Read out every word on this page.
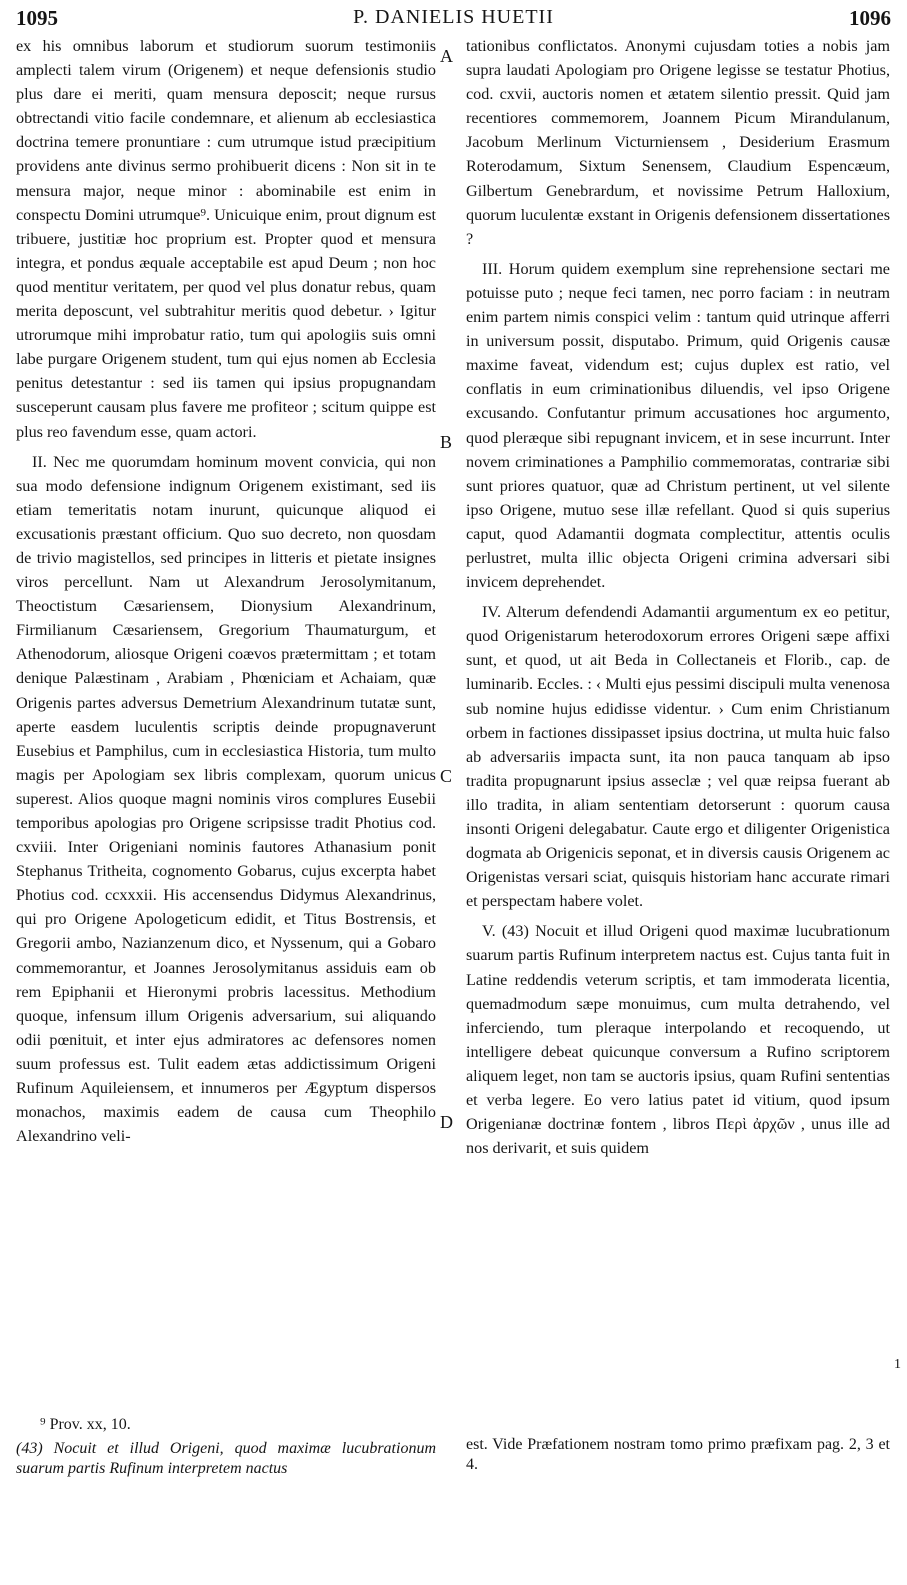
1095	P. DANIELIS HUETII	1096
A
B
C
D

ex his omnibus laborum et studiorum suorum testimoniis amplecti talem virum (Origenem) et neque defensionis studio plus dare ei meriti, quam mensura deposcit; neque rursus obtrectandi vitio facile condemnare, et alienum ab ecclesiastica doctrina temere pronuntiare : cum utrumque istud præcipitium providens ante divinus sermo prohibuerit dicens : Non sit in te mensura major, neque minor : abominabile est enim in conspectu Domini utrumque⁹. Unicuique enim, prout dignum est tribuere, justitiæ hoc proprium est. Propter quod et mensura integra, et pondus æquale acceptabile est apud Deum ; non hoc quod mentitur veritatem, per quod vel plus donatur rebus, quam merita deposcunt, vel subtrahitur meritis quod debetur. › Igitur utrorumque mihi improbatur ratio, tum qui apologiis suis omni labe purgare Origenem student, tum qui ejus nomen ab Ecclesia penitus detestantur : sed iis tamen qui ipsius propugnandam susceperunt causam plus favere me profiteor ; scitum quippe est plus reo favendum esse, quam actori.

II. Nec me quorumdam hominum movent convicia, qui non sua modo defensione indignum Origenem existimant, sed iis etiam temeritatis notam inurunt, quicunque aliquod ei excusationis præstant officium. Quo suo decreto, non quosdam de trivio magistellos, sed principes in litteris et pietate insignes viros percellunt. Nam ut Alexandrum Jerosolymitanum, Theoctistum Cæsariensem, Dionysium Alexandrinum, Firmilianum Cæsariensem, Gregorium Thaumaturgum, et Athenodorum, aliosque Origeni coævos prætermittam ; et totam denique Palæstinam , Arabiam , Phœniciam et Achaiam, quæ Origenis partes adversus Demetrium Alexandrinum tutatæ sunt, aperte easdem luculentis scriptis deinde propugnaverunt Eusebius et Pamphilus, cum in ecclesiastica Historia, tum multo magis per Apologiam sex libris complexam, quorum unicus superest. Alios quoque magni nominis viros complures Eusebii temporibus apologias pro Origene scripsisse tradit Photius cod. cxviii. Inter Origeniani nominis fautores Athanasium ponit Stephanus Tritheita, cognomento Gobarus, cujus excerpta habet Photius cod. ccxxxii. His accensendus Didymus Alexandrinus, qui pro Origene Apologeticum edidit, et Titus Bostrensis, et Gregorii ambo, Nazianzenum dico, et Nyssenum, qui a Gobaro commemorantur, et Joannes Jerosolymitanus assiduis eam ob rem Epiphanii et Hieronymi probris lacessitus. Methodium quoque, infensum illum Origenis adversarium, sui aliquando odii pœnituit, et inter ejus admiratores ac defensores nomen suum professus est. Tulit eadem ætas addictissimum Origeni Rufinum Aquileiensem, et innumeros per Ægyptum dispersos monachos, maximis eadem de causa cum Theophilo Alexandrino veli-

tationibus conflictatos. Anonymi cujusdam toties a nobis jam supra laudati Apologiam pro Origene legisse se testatur Photius, cod. cxvii, auctoris nomen et ætatem silentio pressit. Quid jam recentiores commemorem, Joannem Picum Mirandulanum, Jacobum Merlinum Victurniensem , Desiderium Erasmum Roterodamum, Sixtum Senensem, Claudium Espencæum, Gilbertum Genebrardum, et novissime Petrum Halloxium, quorum luculentæ exstant in Origenis defensionem dissertationes ?

III. Horum quidem exemplum sine reprehensione sectari me potuisse puto ; neque feci tamen, nec porro faciam : in neutram enim partem nimis conspici velim : tantum quid utrinque afferri in universum possit, disputabo. Primum, quid Origenis causæ maxime faveat, videndum est; cujus duplex est ratio, vel conflatis in eum criminationibus diluendis, vel ipso Origene excusando. Confutantur primum accusationes hoc argumento, quod pleræque sibi repugnant invicem, et in sese incurrunt. Inter novem criminationes a Pamphilio commemoratas, contrariæ sibi sunt priores quatuor, quæ ad Christum pertinent, ut vel silente ipso Origene, mutuo sese illæ refellant. Quod si quis superius caput, quod Adamantii dogmata complectitur, attentis oculis perlustret, multa illic objecta Origeni crimina adversari sibi invicem deprehendet.

IV. Alterum defendendi Adamantii argumentum ex eo petitur, quod Origenistarum heterodoxorum errores Origeni sæpe affixi sunt, et quod, ut ait Beda in Collectaneis et Florib., cap. de luminarib. Eccles. : ‹ Multi ejus pessimi discipuli multa venenosa sub nomine hujus edidisse videntur. › Cum enim Christianum orbem in factiones dissipasset ipsius doctrina, ut multa huic falso ab adversariis impacta sunt, ita non pauca tanquam ab ipso tradita propugnarunt ipsius asseclæ ; vel quæ reipsa fuerant ab illo tradita, in aliam sententiam detorserunt : quorum causa insonti Origeni delegabatur. Caute ergo et diligenter Origenistica dogmata ab Origenicis seponat, et in diversis causis Origenem ac Origenistas versari sciat, quisquis historiam hanc accurate rimari et perspectam habere volet.

V. (43) Nocuit et illud Origeni quod maximæ lucubrationum suarum partis Rufinum interpretem nactus est. Cujus tanta fuit in Latine reddendis veterum scriptis, et tam immoderata licentia, quemadmodum sæpe monuimus, cum multa detrahendo, vel inferciendo, tum pleraque interpolando et recoquendo, ut intelligere debeat quicunque conversum a Rufino scriptorem aliquem leget, non tam se auctoris ipsius, quam Rufini sententias et verba legere. Eo vero latius patet id vitium, quod ipsum Origenianæ doctrinæ fontem , libros Περὶ ἀρχῶν , unus ille ad nos derivarit, et suis quidem

1

⁹ Prov. xx, 10.

(43) Nocuit et illud Origeni, quod maximæ lucubrationum suarum partis Rufinum interpretem nactus

est. Vide Præfationem nostram tomo primo præfixam pag. 2, 3 et 4.
